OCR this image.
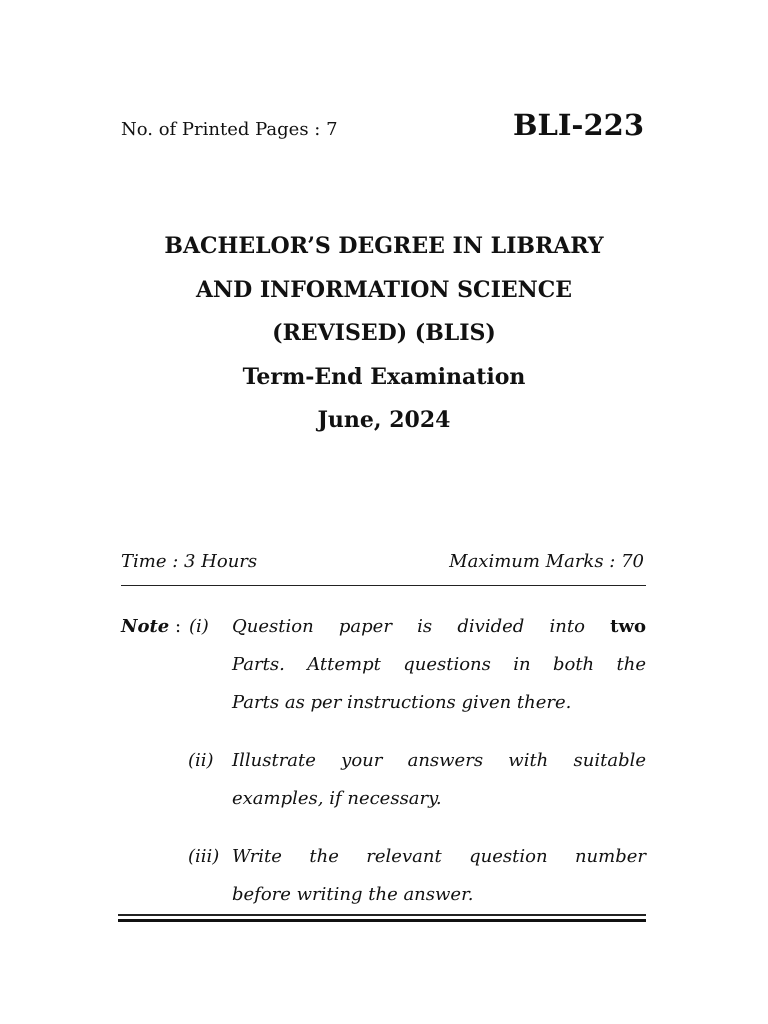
No. of Printed Pages : 7	BLI-223
BACHELOR’S DEGREE IN LIBRARY
AND INFORMATION SCIENCE
(REVISED) (BLIS)
Term-End Examination
June, 2024
Time : 3 Hours	Maximum Marks : 70
Note : (i) Question paper is divided into two
Parts. Attempt questions in both the
Parts as per instructions given there.
(ii) Illustrate your answers with suitable
examples, if necessary.
(iii) Write the relevant question number
before writing the answer.
